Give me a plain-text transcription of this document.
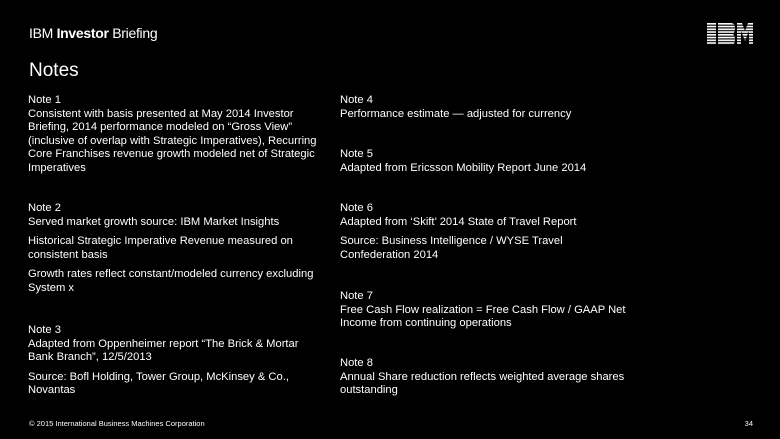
IBM Investor Briefing
Notes

Note 1

Consistent with basis presented at May 2014 Investor Briefing, 2014 performance modeled on “Gross View” (inclusive of overlap with Strategic Imperatives), Recurring Core Franchises revenue growth modeled net of Strategic Imperatives

Note 2

Served market growth source: IBM Market Insights

Historical Strategic Imperative Revenue measured on consistent basis

Growth rates reflect constant/modeled currency excluding System x

Note 3

Adapted from Oppenheimer report “The Brick & Mortar Bank Branch”, 12/5/2013

Source: Bofl Holding, Tower Group, McKinsey & Co., Novantas

Note 4

Performance estimate — adjusted for currency

Note 5

Adapted from Ericsson Mobility Report June 2014

Note 6

Adapted from ‘Skift’ 2014 State of Travel Report

Source: Business Intelligence / WYSE Travel Confederation 2014

Note 7

Free Cash Flow realization = Free Cash Flow / GAAP Net Income from continuing operations

Note 8

Annual Share reduction reflects weighted average shares outstanding

© 2015 International Business Machines Corporation	34
